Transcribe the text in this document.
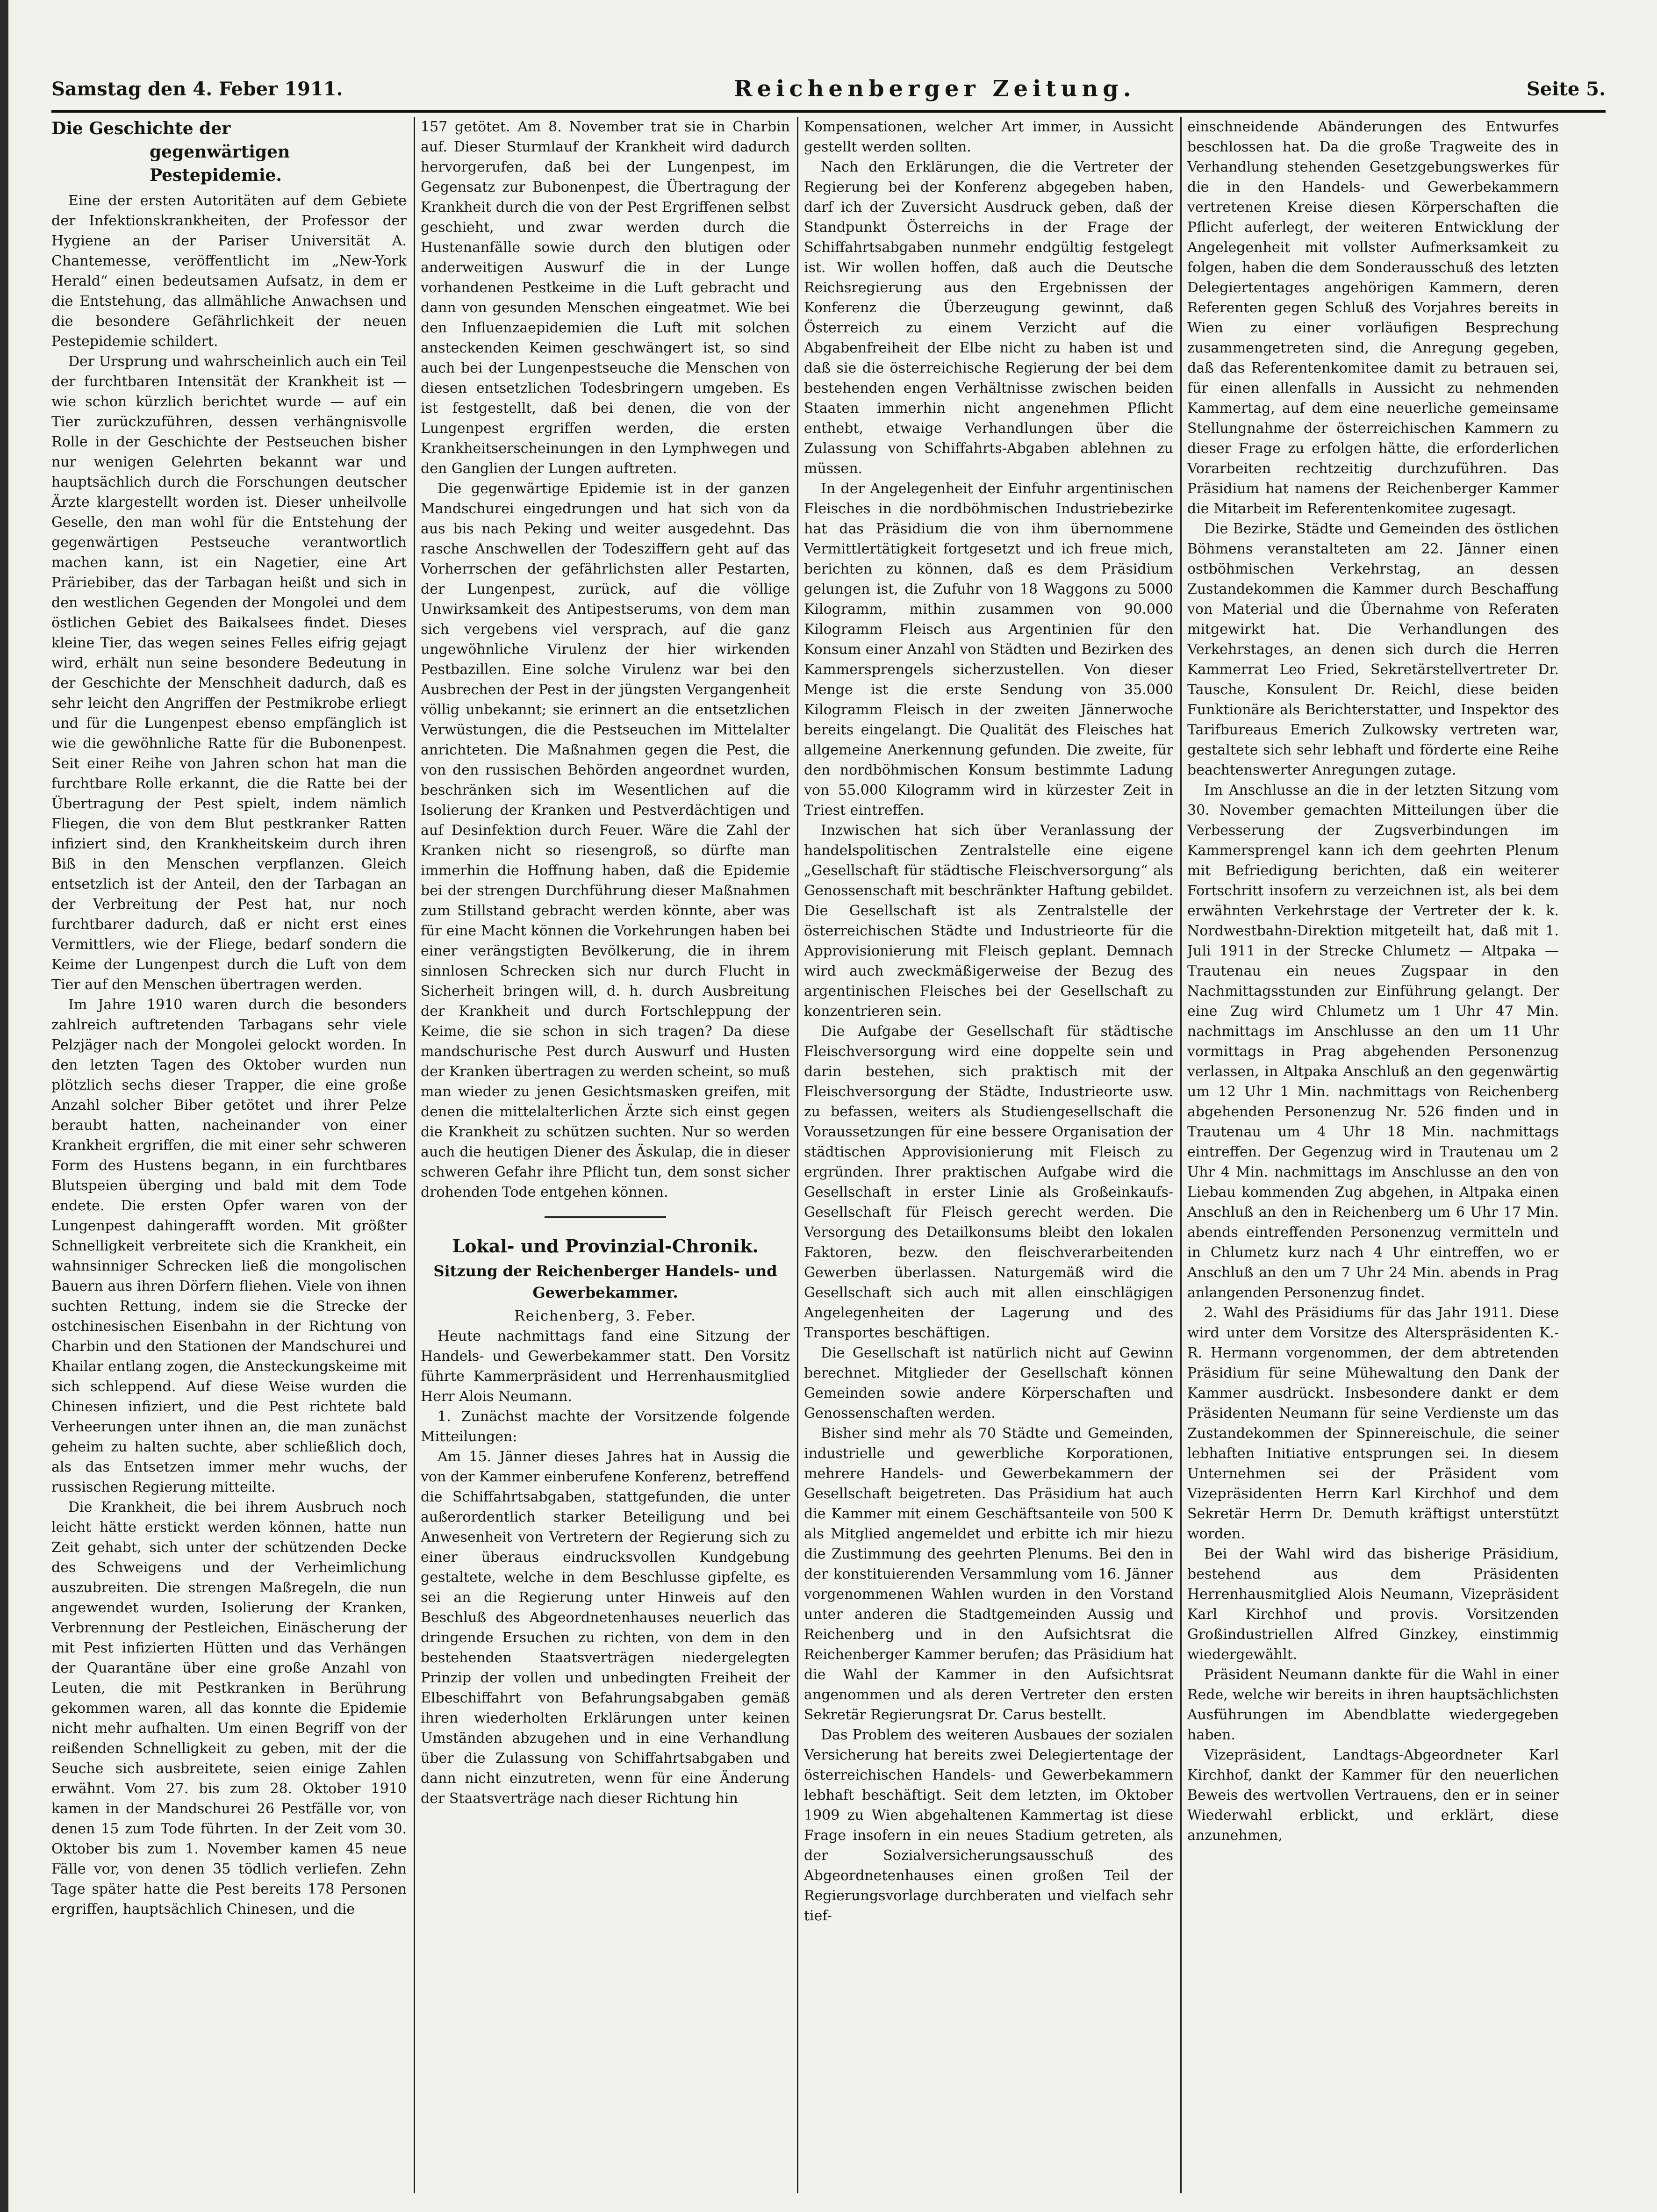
Samstag den 4. Feber 1911.	Reichenberger Zeitung.	Seite 5.

Die Geschichte der

gegenwärtigen Pestepidemie.

Eine der ersten Autoritäten auf dem Gebiete der Infektionskrankheiten, der Professor der Hygiene an der Pariser Universität A. Chantemesse, veröffentlicht im „New-York Herald“ einen bedeutsamen Aufsatz, in dem er die Entstehung, das allmähliche Anwachsen und die besondere Gefährlichkeit der neuen Pestepidemie schildert.

Der Ursprung und wahrscheinlich auch ein Teil der furchtbaren Intensität der Krankheit ist — wie schon kürzlich berichtet wurde — auf ein Tier zurückzuführen, dessen verhängnisvolle Rolle in der Geschichte der Pestseuchen bisher nur wenigen Gelehrten bekannt war und hauptsächlich durch die Forschungen deutscher Ärzte klargestellt worden ist. Dieser unheilvolle Geselle, den man wohl für die Entstehung der gegenwärtigen Pestseuche verantwortlich machen kann, ist ein Nagetier, eine Art Präriebiber, das der Tarbagan heißt und sich in den westlichen Gegenden der Mongolei und dem östlichen Gebiet des Baikalsees findet. Dieses kleine Tier, das wegen seines Felles eifrig gejagt wird, erhält nun seine besondere Bedeutung in der Geschichte der Menschheit dadurch, daß es sehr leicht den Angriffen der Pestmikrobe erliegt und für die Lungenpest ebenso empfänglich ist wie die gewöhnliche Ratte für die Bubonenpest. Seit einer Reihe von Jahren schon hat man die furchtbare Rolle erkannt, die die Ratte bei der Übertragung der Pest spielt, indem nämlich Fliegen, die von dem Blut pestkranker Ratten infiziert sind, den Krankheitskeim durch ihren Biß in den Menschen verpflanzen. Gleich entsetzlich ist der Anteil, den der Tarbagan an der Verbreitung der Pest hat, nur noch furchtbarer dadurch, daß er nicht erst eines Vermittlers, wie der Fliege, bedarf sondern die Keime der Lungenpest durch die Luft von dem Tier auf den Menschen übertragen werden.

Im Jahre 1910 waren durch die besonders zahlreich auftretenden Tarbagans sehr viele Pelzjäger nach der Mongolei gelockt worden. In den letzten Tagen des Oktober wurden nun plötzlich sechs dieser Trapper, die eine große Anzahl solcher Biber getötet und ihrer Pelze beraubt hatten, nacheinander von einer Krankheit ergriffen, die mit einer sehr schweren Form des Hustens begann, in ein furchtbares Blutspeien überging und bald mit dem Tode endete. Die ersten Opfer waren von der Lungenpest dahingerafft worden. Mit größter Schnelligkeit verbreitete sich die Krankheit, ein wahnsinniger Schrecken ließ die mongolischen Bauern aus ihren Dörfern fliehen. Viele von ihnen suchten Rettung, indem sie die Strecke der ostchinesischen Eisenbahn in der Richtung von Charbin und den Stationen der Mandschurei und Khailar entlang zogen, die Ansteckungskeime mit sich schleppend. Auf diese Weise wurden die Chinesen infiziert, und die Pest richtete bald Verheerungen unter ihnen an, die man zunächst geheim zu halten suchte, aber schließlich doch, als das Entsetzen immer mehr wuchs, der russischen Regierung mitteilte.

Die Krankheit, die bei ihrem Ausbruch noch leicht hätte erstickt werden können, hatte nun Zeit gehabt, sich unter der schützenden Decke des Schweigens und der Verheimlichung auszubreiten. Die strengen Maßregeln, die nun angewendet wurden, Isolierung der Kranken, Verbrennung der Pestleichen, Einäscherung der mit Pest infizierten Hütten und das Verhängen der Quarantäne über eine große Anzahl von Leuten, die mit Pestkranken in Berührung gekommen waren, all das konnte die Epidemie nicht mehr aufhalten. Um einen Begriff von der reißenden Schnelligkeit zu geben, mit der die Seuche sich ausbreitete, seien einige Zahlen erwähnt. Vom 27. bis zum 28. Oktober 1910 kamen in der Mandschurei 26 Pestfälle vor, von denen 15 zum Tode führten. In der Zeit vom 30. Oktober bis zum 1. November kamen 45 neue Fälle vor, von denen 35 tödlich verliefen. Zehn Tage später hatte die Pest bereits 178 Personen ergriffen, hauptsächlich Chinesen, und die

157 getötet. Am 8. November trat sie in Charbin auf. Dieser Sturmlauf der Krankheit wird dadurch hervorgerufen, daß bei der Lungenpest, im Gegensatz zur Bubonenpest, die Übertragung der Krankheit durch die von der Pest Ergriffenen selbst geschieht, und zwar werden durch die Hustenanfälle sowie durch den blutigen oder anderweitigen Auswurf die in der Lunge vorhandenen Pestkeime in die Luft gebracht und dann von gesunden Menschen eingeatmet. Wie bei den Influenzaepidemien die Luft mit solchen ansteckenden Keimen geschwängert ist, so sind auch bei der Lungenpestseuche die Menschen von diesen entsetzlichen Todesbringern umgeben. Es ist festgestellt, daß bei denen, die von der Lungenpest ergriffen werden, die ersten Krankheitserscheinungen in den Lymphwegen und den Ganglien der Lungen auftreten.

Die gegenwärtige Epidemie ist in der ganzen Mandschurei eingedrungen und hat sich von da aus bis nach Peking und weiter ausgedehnt. Das rasche Anschwellen der Todesziffern geht auf das Vorherrschen der gefährlichsten aller Pestarten, der Lungenpest, zurück, auf die völlige Unwirksamkeit des Antipestserums, von dem man sich vergebens viel versprach, auf die ganz ungewöhnliche Virulenz der hier wirkenden Pestbazillen. Eine solche Virulenz war bei den Ausbrechen der Pest in der jüngsten Vergangenheit völlig unbekannt; sie erinnert an die entsetzlichen Verwüstungen, die die Pestseuchen im Mittelalter anrichteten. Die Maßnahmen gegen die Pest, die von den russischen Behörden angeordnet wurden, beschränken sich im Wesentlichen auf die Isolierung der Kranken und Pestverdächtigen und auf Desinfektion durch Feuer. Wäre die Zahl der Kranken nicht so riesengroß, so dürfte man immerhin die Hoffnung haben, daß die Epidemie bei der strengen Durchführung dieser Maßnahmen zum Stillstand gebracht werden könnte, aber was für eine Macht können die Vorkehrungen haben bei einer verängstigten Bevölkerung, die in ihrem sinnlosen Schrecken sich nur durch Flucht in Sicherheit bringen will, d. h. durch Ausbreitung der Krankheit und durch Fortschleppung der Keime, die sie schon in sich tragen? Da diese mandschurische Pest durch Auswurf und Husten der Kranken übertragen zu werden scheint, so muß man wieder zu jenen Gesichtsmasken greifen, mit denen die mittelalterlichen Ärzte sich einst gegen die Krankheit zu schützen suchten. Nur so werden auch die heutigen Diener des Äskulap, die in dieser schweren Gefahr ihre Pflicht tun, dem sonst sicher drohenden Tode entgehen können.

Lokal- und Provinzial-Chronik.

Sitzung der Reichenberger Handels- und Gewerbekammer.

Reichenberg, 3. Feber.

Heute nachmittags fand eine Sitzung der Handels- und Gewerbekammer statt. Den Vorsitz führte Kammerpräsident und Herrenhausmitglied Herr Alois Neumann.

1. Zunächst machte der Vorsitzende folgende Mitteilungen:

Am 15. Jänner dieses Jahres hat in Aussig die von der Kammer einberufene Konferenz, betreffend die Schiffahrtsabgaben, stattgefunden, die unter außerordentlich starker Beteiligung und bei Anwesenheit von Vertretern der Regierung sich zu einer überaus eindrucksvollen Kundgebung gestaltete, welche in dem Beschlusse gipfelte, es sei an die Regierung unter Hinweis auf den Beschluß des Abgeordnetenhauses neuerlich das dringende Ersuchen zu richten, von dem in den bestehenden Staatsverträgen niedergelegten Prinzip der vollen und unbedingten Freiheit der Elbeschiffahrt von Befahrungsabgaben gemäß ihren wiederholten Erklärungen unter keinen Umständen abzugehen und in eine Verhandlung über die Zulassung von Schiffahrtsabgaben und dann nicht einzutreten, wenn für eine Änderung der Staatsverträge nach dieser Richtung hin

Kompensationen, welcher Art immer, in Aussicht gestellt werden sollten.

Nach den Erklärungen, die die Vertreter der Regierung bei der Konferenz abgegeben haben, darf ich der Zuversicht Ausdruck geben, daß der Standpunkt Österreichs in der Frage der Schiffahrtsabgaben nunmehr endgültig festgelegt ist. Wir wollen hoffen, daß auch die Deutsche Reichsregierung aus den Ergebnissen der Konferenz die Überzeugung gewinnt, daß Österreich zu einem Verzicht auf die Abgabenfreiheit der Elbe nicht zu haben ist und daß sie die österreichische Regierung der bei dem bestehenden engen Verhältnisse zwischen beiden Staaten immerhin nicht angenehmen Pflicht enthebt, etwaige Verhandlungen über die Zulassung von Schiffahrts-Abgaben ablehnen zu müssen.

In der Angelegenheit der Einfuhr argentinischen Fleisches in die nordböhmischen Industriebezirke hat das Präsidium die von ihm übernommene Vermittlertätigkeit fortgesetzt und ich freue mich, berichten zu können, daß es dem Präsidium gelungen ist, die Zufuhr von 18 Waggons zu 5000 Kilogramm, mithin zusammen von 90.000 Kilogramm Fleisch aus Argentinien für den Konsum einer Anzahl von Städten und Bezirken des Kammersprengels sicherzustellen. Von dieser Menge ist die erste Sendung von 35.000 Kilogramm Fleisch in der zweiten Jännerwoche bereits eingelangt. Die Qualität des Fleisches hat allgemeine Anerkennung gefunden. Die zweite, für den nordböhmischen Konsum bestimmte Ladung von 55.000 Kilogramm wird in kürzester Zeit in Triest eintreffen.

Inzwischen hat sich über Veranlassung der handelspolitischen Zentralstelle eine eigene „Gesellschaft für städtische Fleischversorgung“ als Genossenschaft mit beschränkter Haftung gebildet. Die Gesellschaft ist als Zentralstelle der österreichischen Städte und Industrieorte für die Approvisionierung mit Fleisch geplant. Demnach wird auch zweckmäßigerweise der Bezug des argentinischen Fleisches bei der Gesellschaft zu konzentrieren sein.

Die Aufgabe der Gesellschaft für städtische Fleischversorgung wird eine doppelte sein und darin bestehen, sich praktisch mit der Fleischversorgung der Städte, Industrieorte usw. zu befassen, weiters als Studiengesellschaft die Voraussetzungen für eine bessere Organisation der städtischen Approvisionierung mit Fleisch zu ergründen. Ihrer praktischen Aufgabe wird die Gesellschaft in erster Linie als Großeinkaufs-Gesellschaft für Fleisch gerecht werden. Die Versorgung des Detailkonsums bleibt den lokalen Faktoren, bezw. den fleischverarbeitenden Gewerben überlassen. Naturgemäß wird die Gesellschaft sich auch mit allen einschlägigen Angelegenheiten der Lagerung und des Transportes beschäftigen.

Die Gesellschaft ist natürlich nicht auf Gewinn berechnet. Mitglieder der Gesellschaft können Gemeinden sowie andere Körperschaften und Genossenschaften werden.

Bisher sind mehr als 70 Städte und Gemeinden, industrielle und gewerbliche Korporationen, mehrere Handels- und Gewerbekammern der Gesellschaft beigetreten. Das Präsidium hat auch die Kammer mit einem Geschäftsanteile von 500 K als Mitglied angemeldet und erbitte ich mir hiezu die Zustimmung des geehrten Plenums. Bei den in der konstituierenden Versammlung vom 16. Jänner vorgenommenen Wahlen wurden in den Vorstand unter anderen die Stadtgemeinden Aussig und Reichenberg und in den Aufsichtsrat die Reichenberger Kammer berufen; das Präsidium hat die Wahl der Kammer in den Aufsichtsrat angenommen und als deren Vertreter den ersten Sekretär Regierungsrat Dr. Carus bestellt.

Das Problem des weiteren Ausbaues der sozialen Versicherung hat bereits zwei Delegiertentage der österreichischen Handels- und Gewerbekammern lebhaft beschäftigt. Seit dem letzten, im Oktober 1909 zu Wien abgehaltenen Kammertag ist diese Frage insofern in ein neues Stadium getreten, als der Sozialversicherungsausschuß des Abgeordnetenhauses einen großen Teil der Regierungsvorlage durchberaten und vielfach sehr tief-

einschneidende Abänderungen des Entwurfes beschlossen hat. Da die große Tragweite des in Verhandlung stehenden Gesetzgebungswerkes für die in den Handels- und Gewerbekammern vertretenen Kreise diesen Körperschaften die Pflicht auferlegt, der weiteren Entwicklung der Angelegenheit mit vollster Aufmerksamkeit zu folgen, haben die dem Sonderausschuß des letzten Delegiertentages angehörigen Kammern, deren Referenten gegen Schluß des Vorjahres bereits in Wien zu einer vorläufigen Besprechung zusammengetreten sind, die Anregung gegeben, daß das Referentenkomitee damit zu betrauen sei, für einen allenfalls in Aussicht zu nehmenden Kammertag, auf dem eine neuerliche gemeinsame Stellungnahme der österreichischen Kammern zu dieser Frage zu erfolgen hätte, die erforderlichen Vorarbeiten rechtzeitig durchzuführen. Das Präsidium hat namens der Reichenberger Kammer die Mitarbeit im Referentenkomitee zugesagt.

Die Bezirke, Städte und Gemeinden des östlichen Böhmens veranstalteten am 22. Jänner einen ostböhmischen Verkehrstag, an dessen Zustandekommen die Kammer durch Beschaffung von Material und die Übernahme von Referaten mitgewirkt hat. Die Verhandlungen des Verkehrstages, an denen sich durch die Herren Kammerrat Leo Fried, Sekretärstellvertreter Dr. Tausche, Konsulent Dr. Reichl, diese beiden Funktionäre als Berichterstatter, und Inspektor des Tarifbureaus Emerich Zulkowsky vertreten war, gestaltete sich sehr lebhaft und förderte eine Reihe beachtenswerter Anregungen zutage.

Im Anschlusse an die in der letzten Sitzung vom 30. November gemachten Mitteilungen über die Verbesserung der Zugsverbindungen im Kammersprengel kann ich dem geehrten Plenum mit Befriedigung berichten, daß ein weiterer Fortschritt insofern zu verzeichnen ist, als bei dem erwähnten Verkehrstage der Vertreter der k. k. Nordwestbahn-Direktion mitgeteilt hat, daß mit 1. Juli 1911 in der Strecke Chlumetz — Altpaka — Trautenau ein neues Zugspaar in den Nachmittagsstunden zur Einführung gelangt. Der eine Zug wird Chlumetz um 1 Uhr 47 Min. nachmittags im Anschlusse an den um 11 Uhr vormittags in Prag abgehenden Personenzug verlassen, in Altpaka Anschluß an den gegenwärtig um 12 Uhr 1 Min. nachmittags von Reichenberg abgehenden Personenzug Nr. 526 finden und in Trautenau um 4 Uhr 18 Min. nachmittags eintreffen. Der Gegenzug wird in Trautenau um 2 Uhr 4 Min. nachmittags im Anschlusse an den von Liebau kommenden Zug abgehen, in Altpaka einen Anschluß an den in Reichenberg um 6 Uhr 17 Min. abends eintreffenden Personenzug vermitteln und in Chlumetz kurz nach 4 Uhr eintreffen, wo er Anschluß an den um 7 Uhr 24 Min. abends in Prag anlangenden Personenzug findet.

2. Wahl des Präsidiums für das Jahr 1911. Diese wird unter dem Vorsitze des Alterspräsidenten K.-R. Hermann vorgenommen, der dem abtretenden Präsidium für seine Mühewaltung den Dank der Kammer ausdrückt. Insbesondere dankt er dem Präsidenten Neumann für seine Verdienste um das Zustandekommen der Spinnereischule, die seiner lebhaften Initiative entsprungen sei. In diesem Unternehmen sei der Präsident vom Vizepräsidenten Herrn Karl Kirchhof und dem Sekretär Herrn Dr. Demuth kräftigst unterstützt worden.

Bei der Wahl wird das bisherige Präsidium, bestehend aus dem Präsidenten Herrenhausmitglied Alois Neumann, Vizepräsident Karl Kirchhof und provis. Vorsitzenden Großindustriellen Alfred Ginzkey, einstimmig wiedergewählt.

Präsident Neumann dankte für die Wahl in einer Rede, welche wir bereits in ihren hauptsächlichsten Ausführungen im Abendblatte wiedergegeben haben.

Vizepräsident, Landtags-Abgeordneter Karl Kirchhof, dankt der Kammer für den neuerlichen Beweis des wertvollen Vertrauens, den er in seiner Wiederwahl erblickt, und erklärt, diese anzunehmen,
